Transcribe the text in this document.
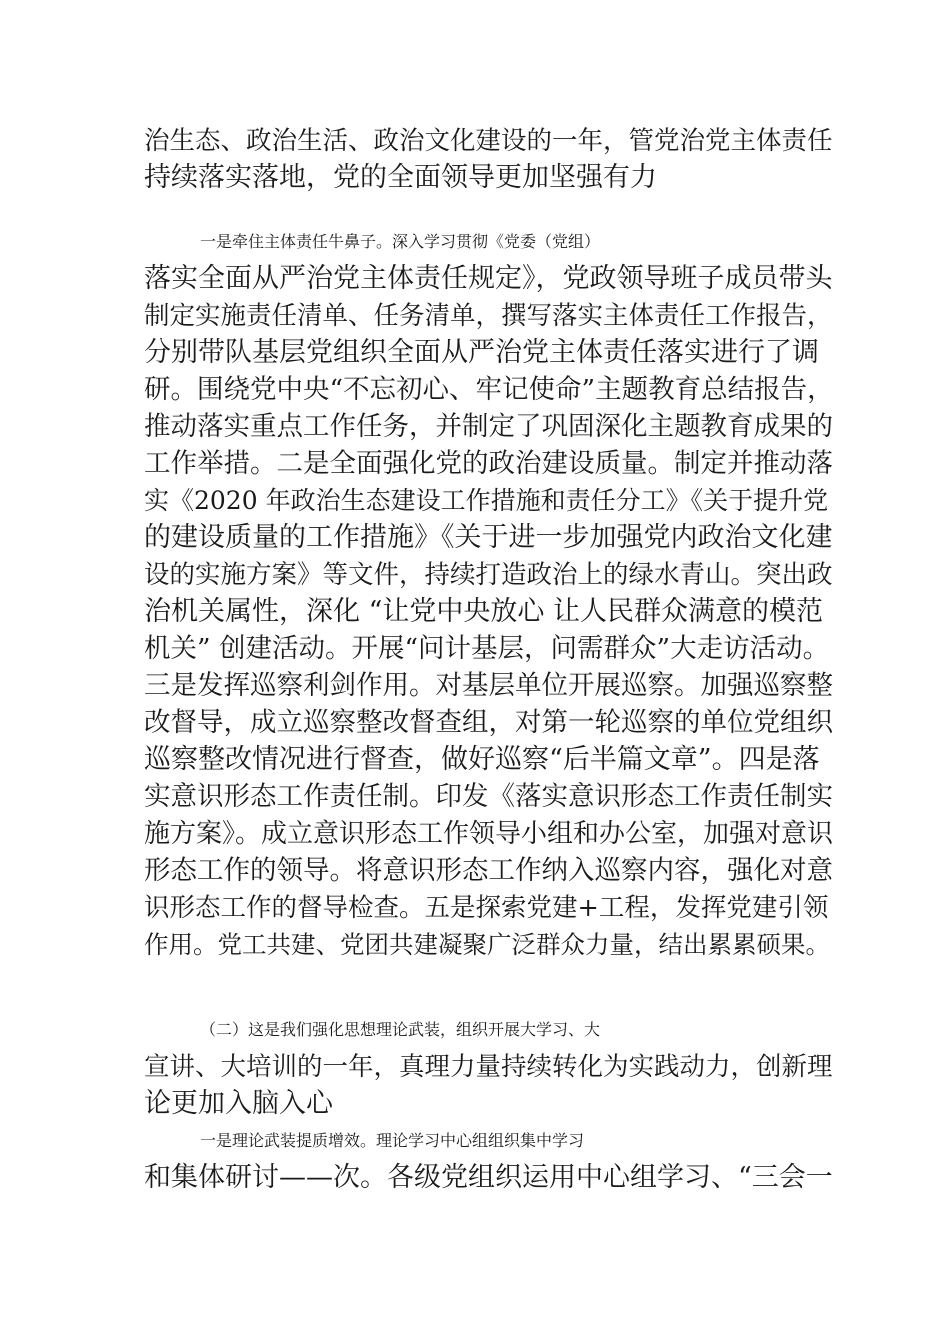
治生态、政治生活、政治文化建设的一年，管党治党主体责任
持续落实落地，党的全面领导更加坚强有力
一是牵住主体责任牛鼻子。深入学习贯彻《党委（党组）
落实全面从严治党主体责任规定》，党政领导班子成员带头
制定实施责任清单、任务清单，撰写落实主体责任工作报告，
分别带队基层党组织全面从严治党主体责任落实进行了调
研。围绕党中央“不忘初心、牢记使命”主题教育总结报告，
推动落实重点工作任务，并制定了巩固深化主题教育成果的
工作举措。二是全面强化党的政治建设质量。制定并推动落
实《2020 年政治生态建设工作措施和责任分工》《关于提升党
的建设质量的工作措施》《关于进一步加强党内政治文化建
设的实施方案》等文件，持续打造政治上的绿水青山。突出政
治机关属性，深化 “让党中央放心 让人民群众满意的模范
机关” 创建活动。开展“问计基层，问需群众”大走访活动。
三是发挥巡察利剑作用。对基层单位开展巡察。加强巡察整
改督导，成立巡察整改督查组，对第一轮巡察的单位党组织
巡察整改情况进行督查，做好巡察“后半篇文章”。四是落
实意识形态工作责任制。印发《落实意识形态工作责任制实
施方案》。成立意识形态工作领导小组和办公室，加强对意识
形态工作的领导。将意识形态工作纳入巡察内容，强化对意
识形态工作的督导检查。五是探索党建+工程，发挥党建引领
作用。党工共建、党团共建凝聚广泛群众力量，结出累累硕果。
（二）这是我们强化思想理论武装，组织开展大学习、大
宣讲、大培训的一年，真理力量持续转化为实践动力，创新理
论更加入脑入心
一是理论武装提质增效。理论学习中心组组织集中学习
和集体研讨——次。各级党组织运用中心组学习、“三会一
